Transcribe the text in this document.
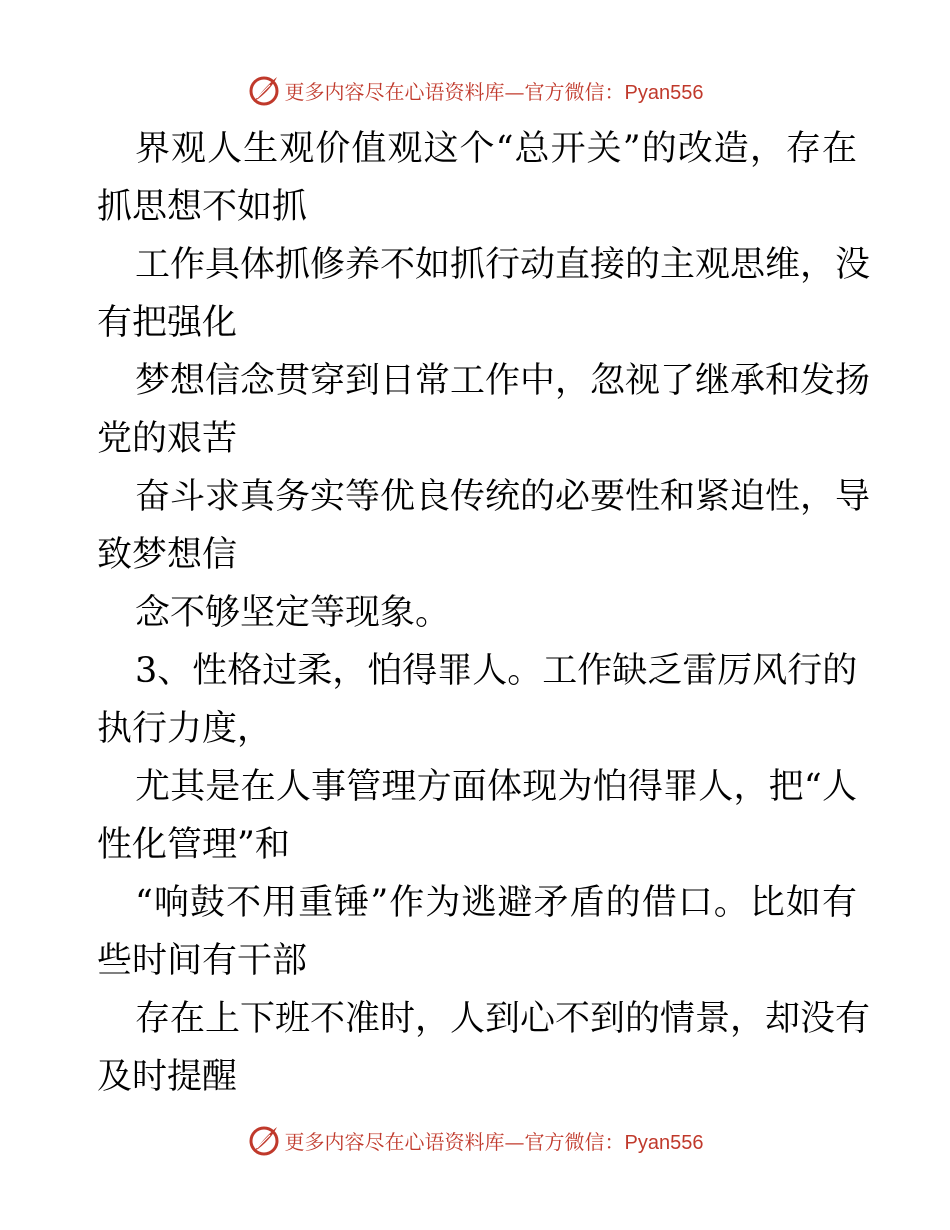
更多内容尽在心语资料库—官方微信：Pyan556
界观人生观价值观这个“总开关”的改造，存在
抓思想不如抓
工作具体抓修养不如抓行动直接的主观思维，没
有把强化
梦想信念贯穿到日常工作中，忽视了继承和发扬
党的艰苦
奋斗求真务实等优良传统的必要性和紧迫性，导
致梦想信
念不够坚定等现象。
3、性格过柔，怕得罪人。工作缺乏雷厉风行的
执行力度，
尤其是在人事管理方面体现为怕得罪人，把“人
性化管理”和
“响鼓不用重锤”作为逃避矛盾的借口。比如有
些时间有干部
存在上下班不准时，人到心不到的情景，却没有
及时提醒
更多内容尽在心语资料库—官方微信：Pyan556
